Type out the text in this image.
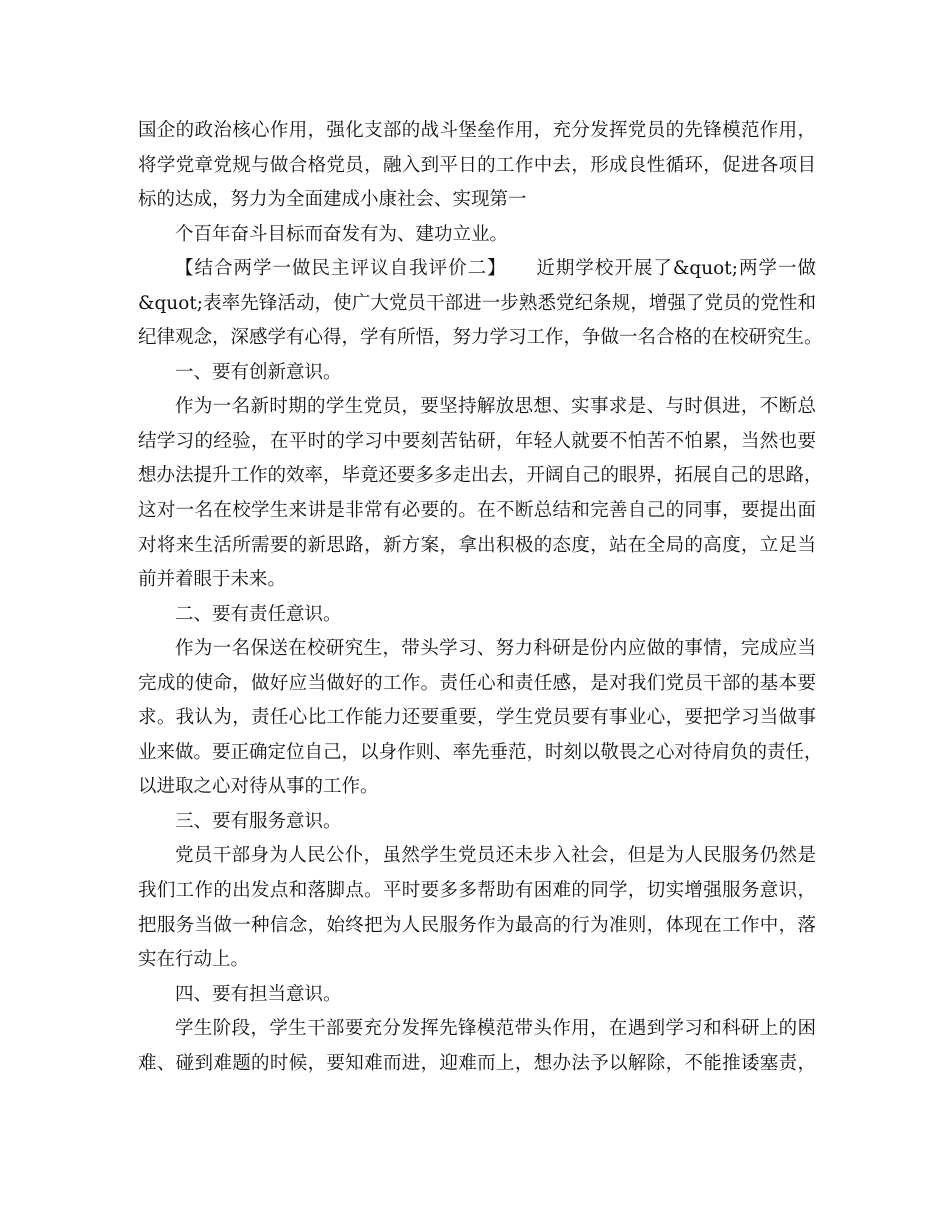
国企的政治核心作用，强化支部的战斗堡垒作用，充分发挥党员的先锋模范作用，
将学党章党规与做合格党员，融入到平日的工作中去，形成良性循环，促进各项目
标的达成，努力为全面建成小康社会、实现第一
个百年奋斗目标而奋发有为、建功立业。
【结合两学一做民主评议自我评价二】　　近期学校开展了&quot;两学一做
&quot;表率先锋活动，使广大党员干部进一步熟悉党纪条规，增强了党员的党性和
纪律观念，深感学有心得，学有所悟，努力学习工作，争做一名合格的在校研究生。
一、要有创新意识。
作为一名新时期的学生党员，要坚持解放思想、实事求是、与时俱进，不断总
结学习的经验，在平时的学习中要刻苦钻研，年轻人就要不怕苦不怕累，当然也要
想办法提升工作的效率，毕竟还要多多走出去，开阔自己的眼界，拓展自己的思路，
这对一名在校学生来讲是非常有必要的。在不断总结和完善自己的同事，要提出面
对将来生活所需要的新思路，新方案，拿出积极的态度，站在全局的高度，立足当
前并着眼于未来。
二、要有责任意识。
作为一名保送在校研究生，带头学习、努力科研是份内应做的事情，完成应当
完成的使命，做好应当做好的工作。责任心和责任感，是对我们党员干部的基本要
求。我认为，责任心比工作能力还要重要，学生党员要有事业心，要把学习当做事
业来做。要正确定位自己，以身作则、率先垂范，时刻以敬畏之心对待肩负的责任，
以进取之心对待从事的工作。
三、要有服务意识。
党员干部身为人民公仆，虽然学生党员还未步入社会，但是为人民服务仍然是
我们工作的出发点和落脚点。平时要多多帮助有困难的同学，切实增强服务意识，
把服务当做一种信念，始终把为人民服务作为最高的行为准则，体现在工作中，落
实在行动上。
四、要有担当意识。
学生阶段，学生干部要充分发挥先锋模范带头作用，在遇到学习和科研上的困
难、碰到难题的时候，要知难而进，迎难而上，想办法予以解除，不能推诿塞责，
